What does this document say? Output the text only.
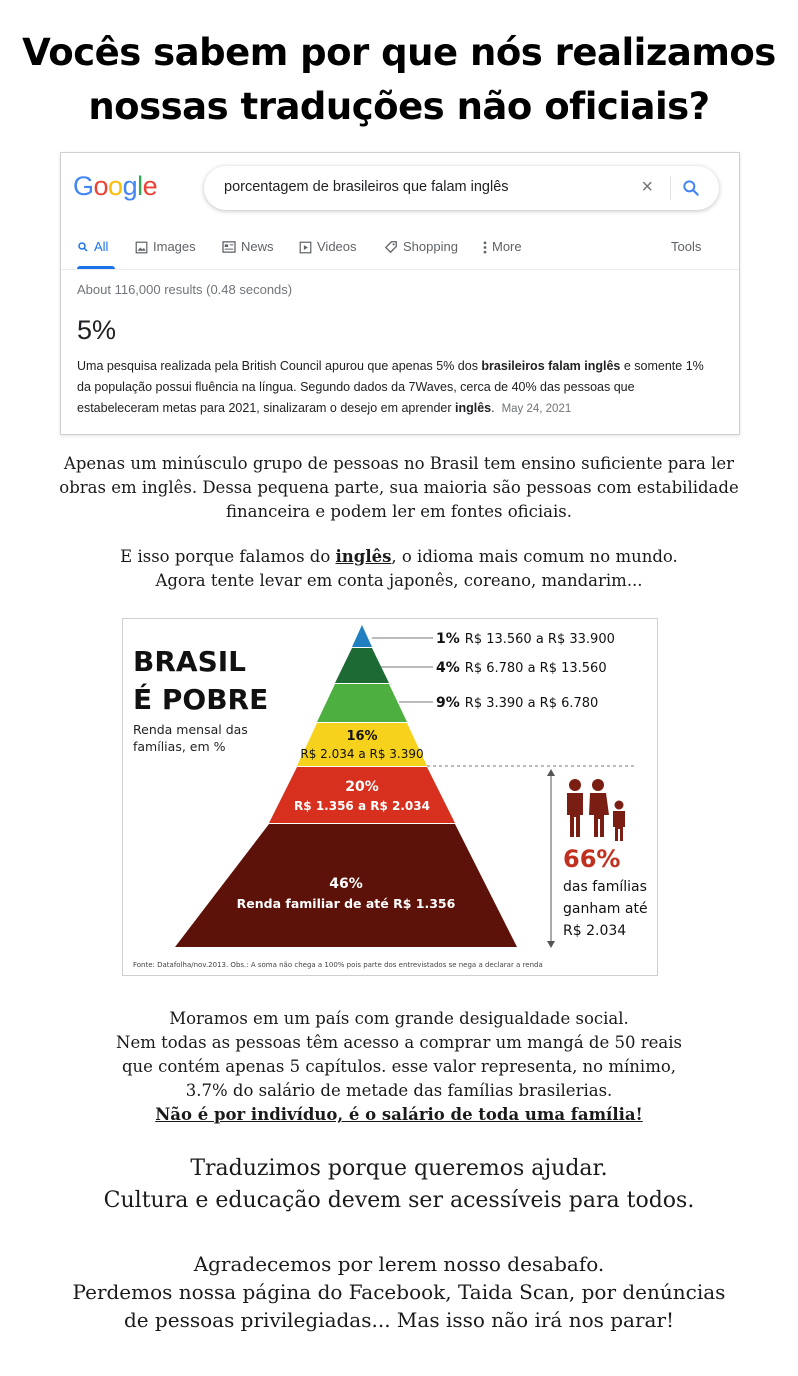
Vocês sabem por que nós realizamos
nossas traduções não oficiais?
Google	porcentagem de brasileiros que falam inglês	×
All	Images	News	Videos	Shopping	More	Tools
About 116,000 results (0.48 seconds)
5%
Uma pesquisa realizada pela British Council apurou que apenas 5% dos brasileiros falam inglês e somente 1% da população possui fluência na língua. Segundo dados da 7Waves, cerca de 40% das pessoas que estabeleceram metas para 2021, sinalizaram o desejo em aprender inglês. May 24, 2021
Apenas um minúsculo grupo de pessoas no Brasil tem ensino suficiente para ler
obras em inglês. Dessa pequena parte, sua maioria são pessoas com estabilidade
financeira e podem ler em fontes oficiais.
E isso porque falamos do inglês, o idioma mais comum no mundo.
Agora tente levar em conta japonês, coreano, mandarim...
BRASIL
É POBRE
Renda mensal das
famílias, em %
1% R$ 13.560 a R$ 33.900
4% R$ 6.780 a R$ 13.560
9% R$ 3.390 a R$ 6.780
16%
R$ 2.034 a R$ 3.390
20%
R$ 1.356 a R$ 2.034
46%
Renda familiar de até R$ 1.356
66%
das famílias
ganham até
R$ 2.034
Fonte: Datafolha/nov.2013. Obs.: A soma não chega a 100% pois parte dos entrevistados se nega a declarar a renda
Moramos em um país com grande desigualdade social.
Nem todas as pessoas têm acesso a comprar um mangá de 50 reais
que contém apenas 5 capítulos. esse valor representa, no mínimo,
3.7% do salário de metade das famílias brasilerias.
Não é por indivíduo, é o salário de toda uma família!
Traduzimos porque queremos ajudar.
Cultura e educação devem ser acessíveis para todos.
Agradecemos por lerem nosso desabafo.
Perdemos nossa página do Facebook, Taida Scan, por denúncias
de pessoas privilegiadas... Mas isso não irá nos parar!
